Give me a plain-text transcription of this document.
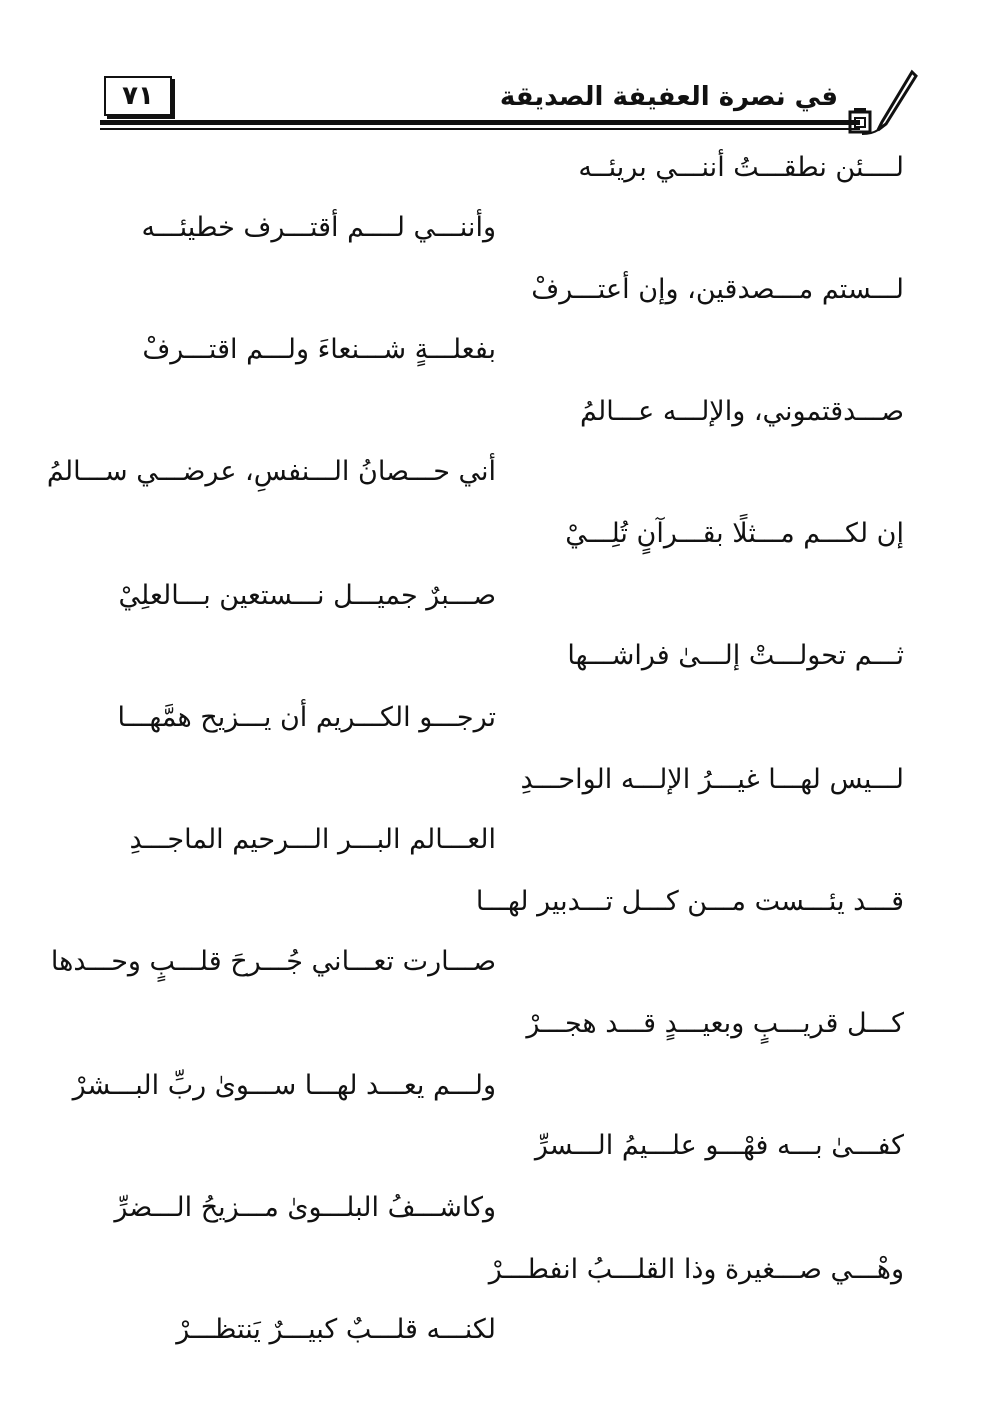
٧١	في نصرة العفيفة الصديقة
لــــئن نطقـــتُ أننـــي بريئــه
وأننـــي لــــم أقتـــرف خطيئـــه
لـــستم مـــصدقين، وإن أعتـــرفْ
بفعلـــةٍ شـــنعاءَ ولـــم اقتـــرفْ
صـــدقتموني، والإلـــه عـــالمُ
أني حـــصانُ الـــنفسِ، عرضـــي ســـالمُ
إن لكـــم مـــثلًا بقـــرآنٍ تُلِـــيْ
صـــبرٌ جميـــل نـــستعين بـــالعلِيْ
ثـــم تحولـــتْ إلـــىٰ فراشـــها
ترجـــو الكـــريم أن يـــزيح همَّهـــا
لـــيس لهـــا غيـــرُ الإلـــه الواحـــدِ
العـــالم البـــر الـــرحيم الماجـــدِ
قـــد يئـــست مـــن كـــل تـــدبير لهـــا
صـــارت تعـــاني جُـــرحَ قلـــبٍ وحـــدها
كـــل قريـــبٍ وبعيـــدٍ قـــد هجـــرْ
ولـــم يعـــد لهـــا ســـوىٰ ربِّ البـــشرْ
كفـــىٰ بـــه فهْـــو علـــيمُ الـــسرِّ
وكاشـــفُ البلـــوىٰ مـــزيحُ الـــضرِّ
وهْـــي صـــغيرة وذا القلـــبُ انفطـــرْ
لكنـــه قلـــبٌ كبيـــرٌ يَنتظـــرْ
